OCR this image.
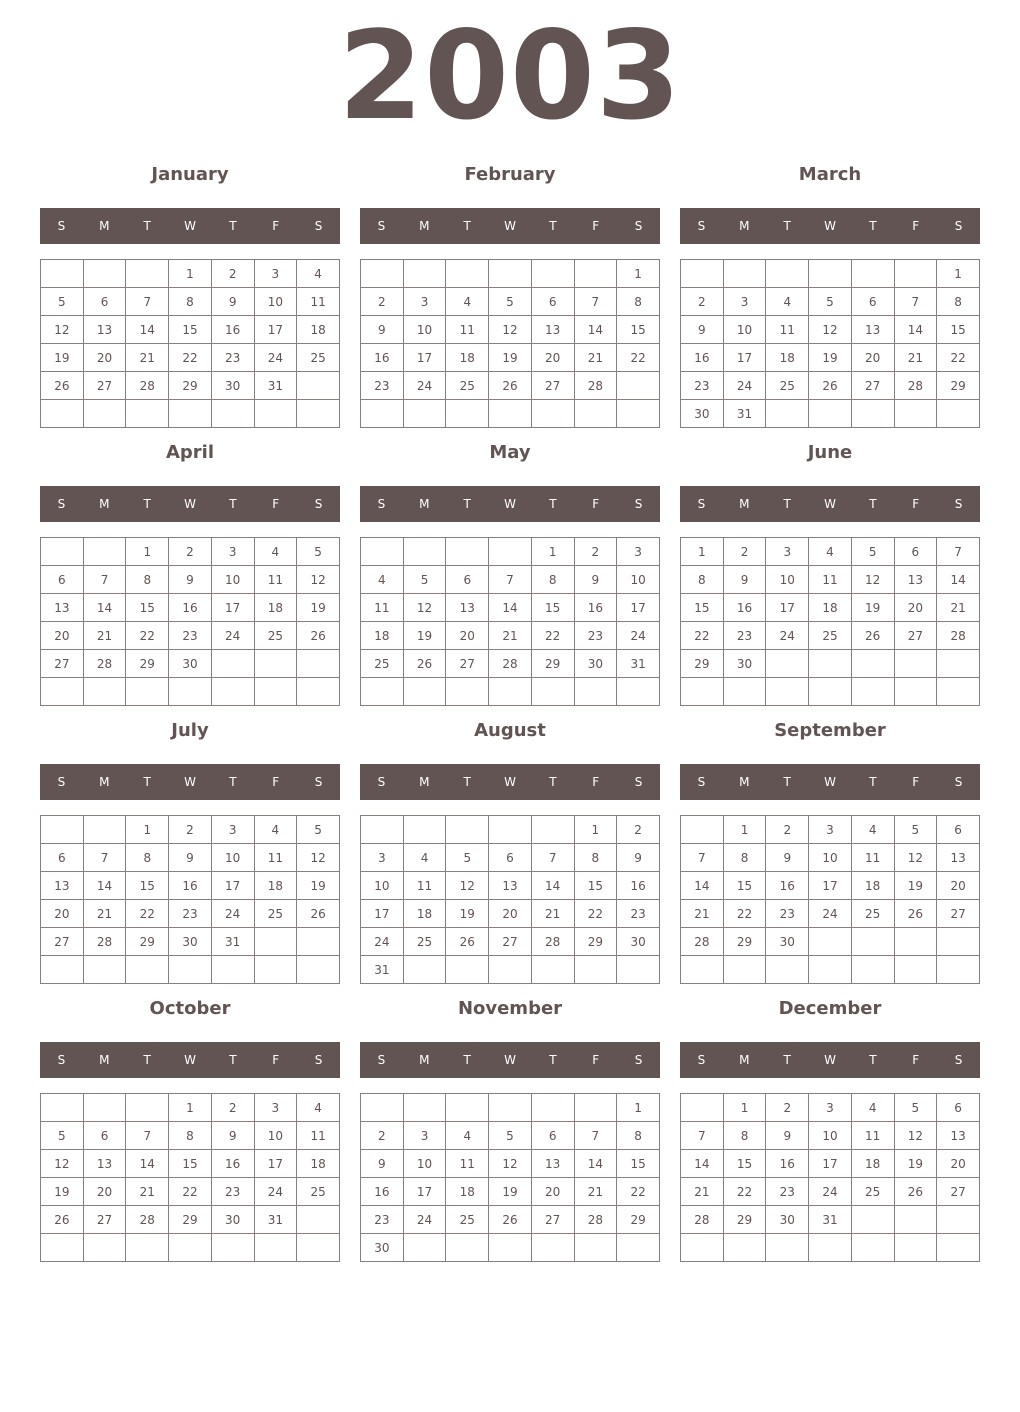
2003
January
S	M	T	W	T	F	S
			1	2	3	4
5	6	7	8	9	10	11
12	13	14	15	16	17	18
19	20	21	22	23	24	25
26	27	28	29	30	31	

February
S	M	T	W	T	F	S
						1
2	3	4	5	6	7	8
9	10	11	12	13	14	15
16	17	18	19	20	21	22
23	24	25	26	27	28	

March
S	M	T	W	T	F	S
						1
2	3	4	5	6	7	8
9	10	11	12	13	14	15
16	17	18	19	20	21	22
23	24	25	26	27	28	29
30	31					
April
S	M	T	W	T	F	S
		1	2	3	4	5
6	7	8	9	10	11	12
13	14	15	16	17	18	19
20	21	22	23	24	25	26
27	28	29	30			

May
S	M	T	W	T	F	S
				1	2	3
4	5	6	7	8	9	10
11	12	13	14	15	16	17
18	19	20	21	22	23	24
25	26	27	28	29	30	31

June
S	M	T	W	T	F	S
1	2	3	4	5	6	7
8	9	10	11	12	13	14
15	16	17	18	19	20	21
22	23	24	25	26	27	28
29	30					

July
S	M	T	W	T	F	S
		1	2	3	4	5
6	7	8	9	10	11	12
13	14	15	16	17	18	19
20	21	22	23	24	25	26
27	28	29	30	31		

August
S	M	T	W	T	F	S
					1	2
3	4	5	6	7	8	9
10	11	12	13	14	15	16
17	18	19	20	21	22	23
24	25	26	27	28	29	30
31						
September
S	M	T	W	T	F	S
	1	2	3	4	5	6
7	8	9	10	11	12	13
14	15	16	17	18	19	20
21	22	23	24	25	26	27
28	29	30				

October
S	M	T	W	T	F	S
			1	2	3	4
5	6	7	8	9	10	11
12	13	14	15	16	17	18
19	20	21	22	23	24	25
26	27	28	29	30	31	

November
S	M	T	W	T	F	S
						1
2	3	4	5	6	7	8
9	10	11	12	13	14	15
16	17	18	19	20	21	22
23	24	25	26	27	28	29
30						
December
S	M	T	W	T	F	S
	1	2	3	4	5	6
7	8	9	10	11	12	13
14	15	16	17	18	19	20
21	22	23	24	25	26	27
28	29	30	31			
